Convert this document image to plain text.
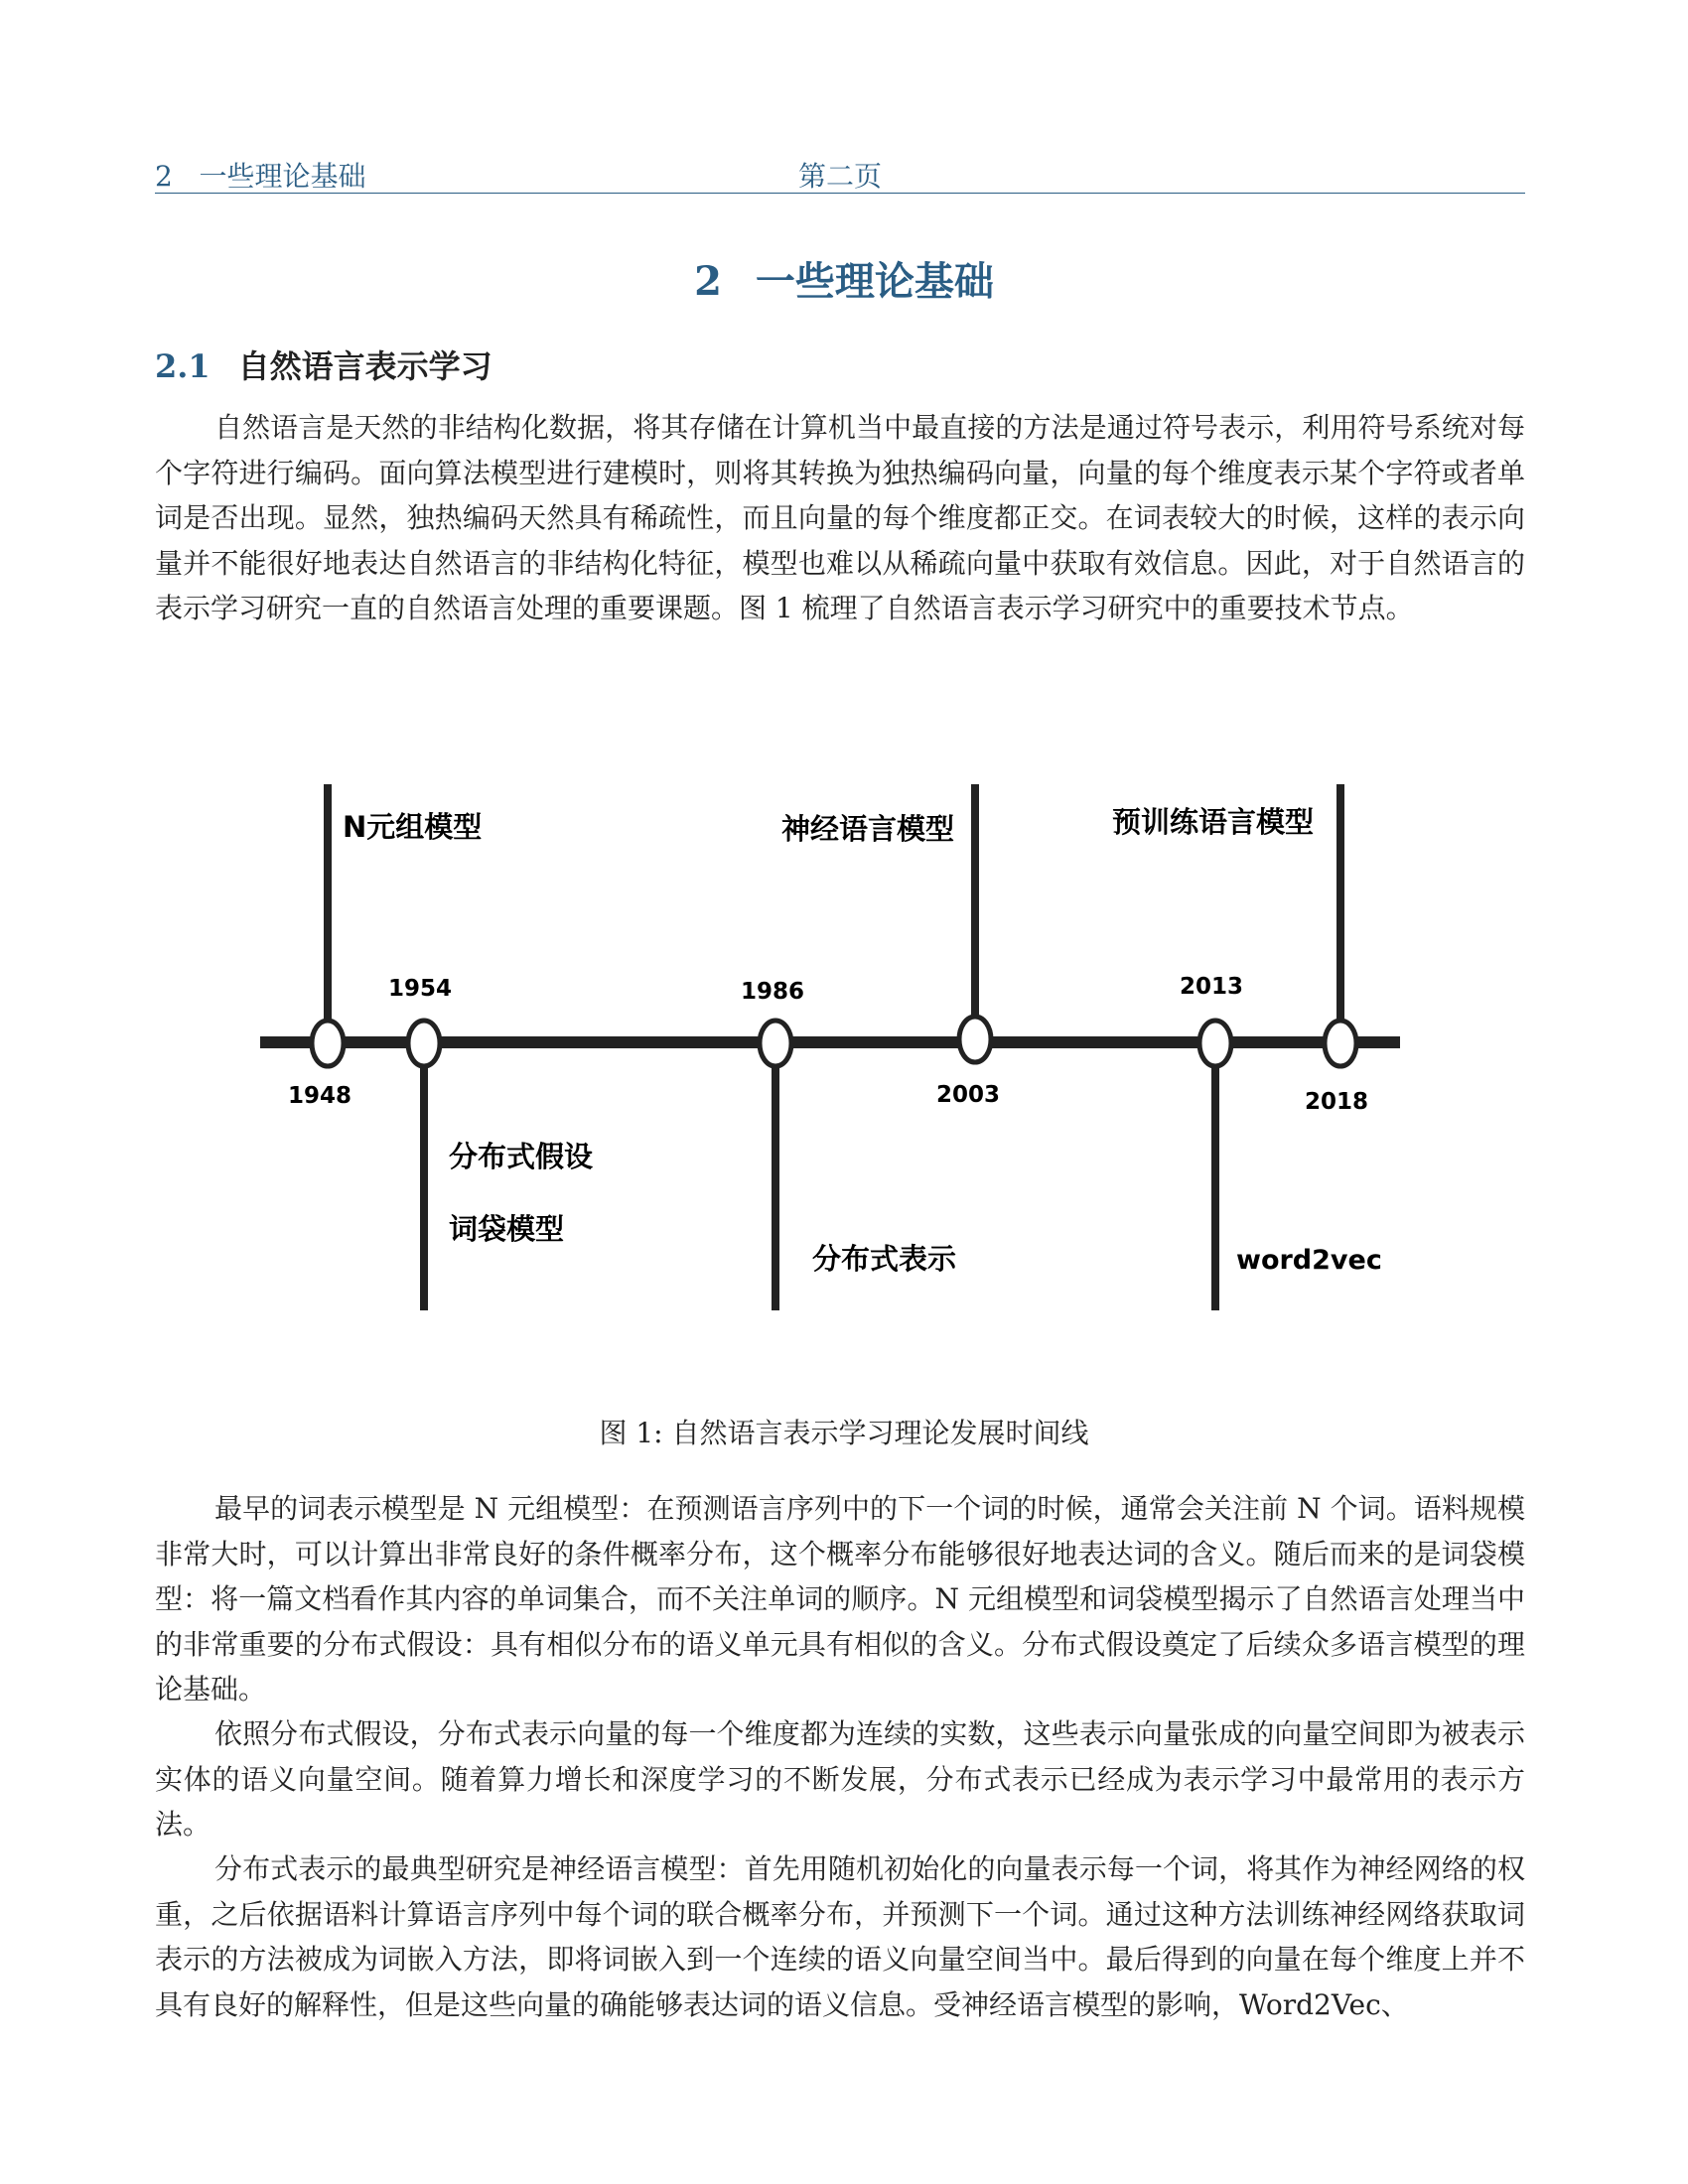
2 一些理论基础	第二页
2 一些理论基础
2.1 自然语言表示学习

自然语言是天然的非结构化数据，将其存储在计算机当中最直接的方法是通过符号表示，利用符号系统对每个字符进行编码。面向算法模型进行建模时，则将其转换为独热编码向量，向量的每个维度表示某个字符或者单词是否出现。显然，独热编码天然具有稀疏性，而且向量的每个维度都正交。在词表较大的时候，这样的表示向量并不能很好地表达自然语言的非结构化特征，模型也难以从稀疏向量中获取有效信息。因此，对于自然语言的表示学习研究一直的自然语言处理的重要课题。图 1 梳理了自然语言表示学习研究中的重要技术节点。

1948
N元组模型
1954
分布式假设
词袋模型
1986
分布式表示
2003
神经语言模型
2013
word2vec
2018
预训练语言模型
图 1: 自然语言表示学习理论发展时间线

最早的词表示模型是 N 元组模型：在预测语言序列中的下一个词的时候，通常会关注前 N 个词。语料规模非常大时，可以计算出非常良好的条件概率分布，这个概率分布能够很好地表达词的含义。随后而来的是词袋模型：将一篇文档看作其内容的单词集合，而不关注单词的顺序。N 元组模型和词袋模型揭示了自然语言处理当中的非常重要的分布式假设：具有相似分布的语义单元具有相似的含义。分布式假设奠定了后续众多语言模型的理论基础。

依照分布式假设，分布式表示向量的每一个维度都为连续的实数，这些表示向量张成的向量空间即为被表示实体的语义向量空间。随着算力增长和深度学习的不断发展，分布式表示已经成为表示学习中最常用的表示方法。

分布式表示的最典型研究是神经语言模型：首先用随机初始化的向量表示每一个词，将其作为神经网络的权重，之后依据语料计算语言序列中每个词的联合概率分布，并预测下一个词。通过这种方法训练神经网络获取词表示的方法被成为词嵌入方法，即将词嵌入到一个连续的语义向量空间当中。最后得到的向量在每个维度上并不具有良好的解释性，但是这些向量的确能够表达词的语义信息。受神经语言模型的影响，Word2Vec、
